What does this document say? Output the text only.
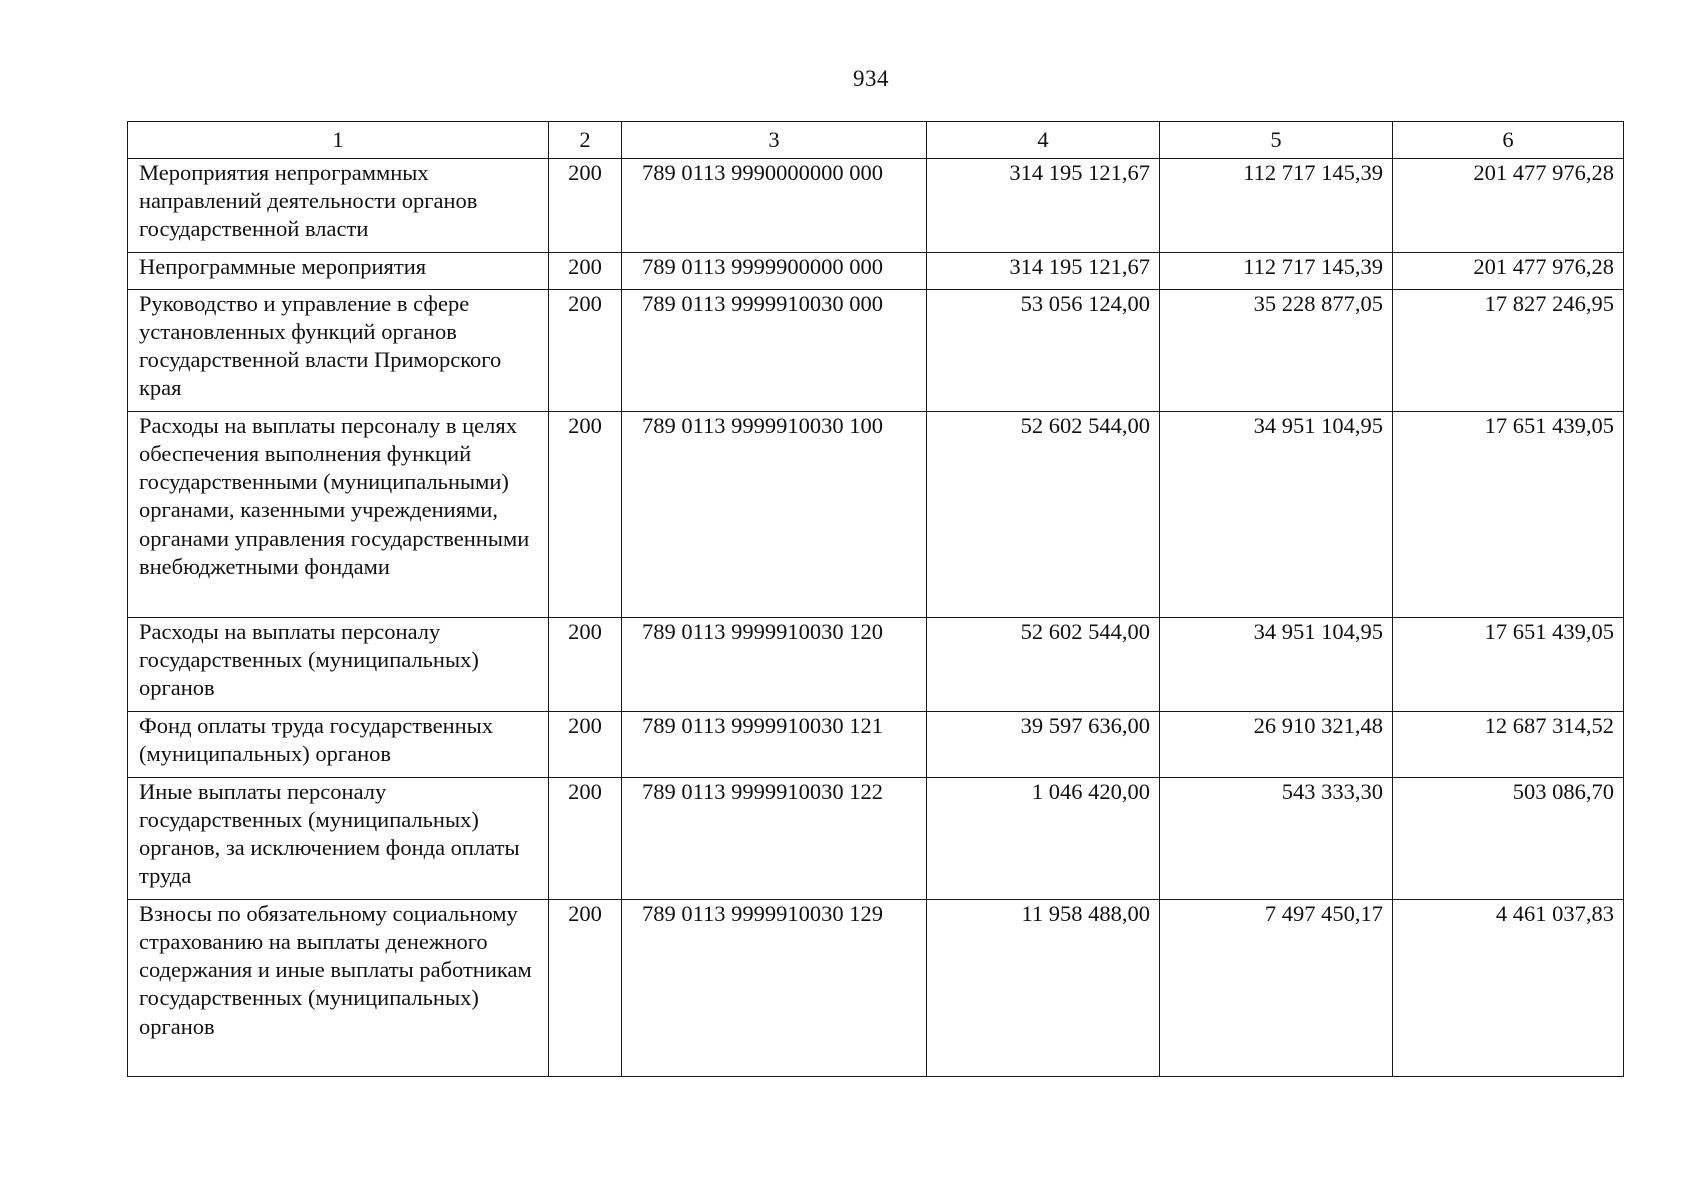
934
1	2	3	4	5	6
Мероприятия непрограммных направлений деятельности органов государственной власти	200	789 0113 9990000000 000	314 195 121,67	112 717 145,39	201 477 976,28
Непрограммные мероприятия	200	789 0113 9999900000 000	314 195 121,67	112 717 145,39	201 477 976,28
Руководство и управление в сфере установленных функций органов государственной власти Приморского края	200	789 0113 9999910030 000	53 056 124,00	35 228 877,05	17 827 246,95
Расходы на выплаты персоналу в целях обеспечения выполнения функций государственными (муниципальными) органами, казенными учреждениями, органами управления государственными внебюджетными фондами	200	789 0113 9999910030 100	52 602 544,00	34 951 104,95	17 651 439,05
Расходы на выплаты персоналу государственных (муниципальных) органов	200	789 0113 9999910030 120	52 602 544,00	34 951 104,95	17 651 439,05
Фонд оплаты труда государственных (муниципальных) органов	200	789 0113 9999910030 121	39 597 636,00	26 910 321,48	12 687 314,52
Иные выплаты персоналу государственных (муниципальных) органов, за исключением фонда оплаты труда	200	789 0113 9999910030 122	1 046 420,00	543 333,30	503 086,70
Взносы по обязательному социальному страхованию на выплаты денежного содержания и иные выплаты работникам государственных (муниципальных) органов	200	789 0113 9999910030 129	11 958 488,00	7 497 450,17	4 461 037,83
